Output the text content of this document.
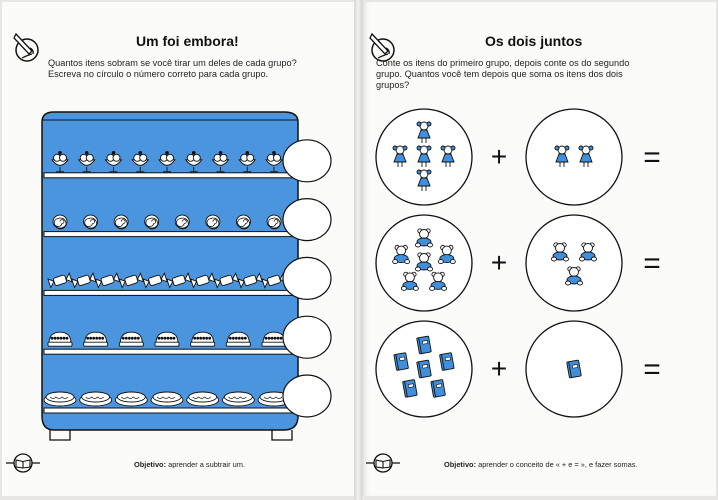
Um foi embora!
Quantos itens sobram se você tirar um deles de cada grupo?
Escreva no círculo o número correto para cada grupo.
Objetivo: aprender a subtrair um.
Os dois juntos
Conte os itens do primeiro grupo, depois conte os do segundo
grupo. Quantos você tem depois que soma os itens dos dois
grupos?
+	=
+	=
+	=
Objetivo: aprender o conceito de « + e = », e fazer somas.
